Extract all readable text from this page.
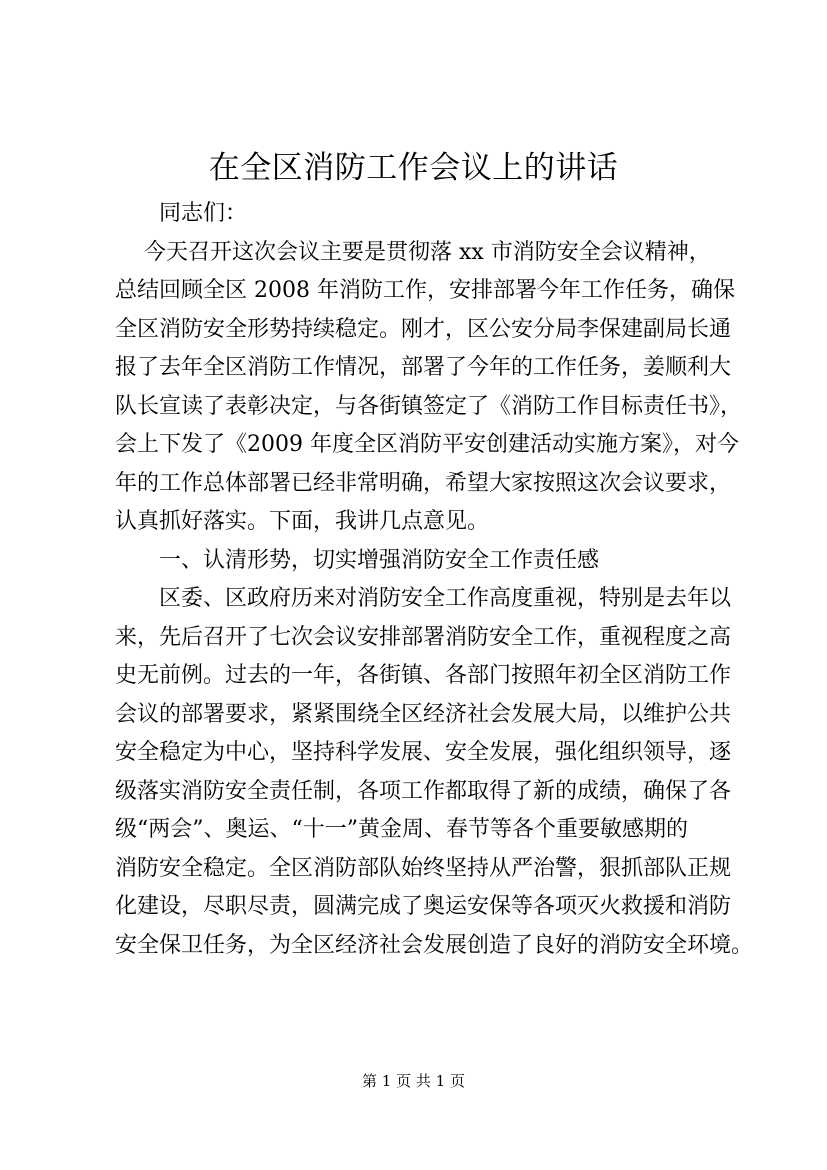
在全区消防工作会议上的讲话
同志们：
今天召开这次会议主要是贯彻落 xx 市消防安全会议精神，
总结回顾全区 2008 年消防工作，安排部署今年工作任务，确保
全区消防安全形势持续稳定。刚才，区公安分局李保建副局长通
报了去年全区消防工作情况，部署了今年的工作任务，姜顺利大
队长宣读了表彰决定，与各街镇签定了《消防工作目标责任书》，
会上下发了《2009 年度全区消防平安创建活动实施方案》，对今
年的工作总体部署已经非常明确，希望大家按照这次会议要求，
认真抓好落实。下面，我讲几点意见。
一、认清形势，切实增强消防安全工作责任感
区委、区政府历来对消防安全工作高度重视，特别是去年以
来，先后召开了七次会议安排部署消防安全工作，重视程度之高
史无前例。过去的一年，各街镇、各部门按照年初全区消防工作
会议的部署要求，紧紧围绕全区经济社会发展大局，以维护公共
安全稳定为中心，坚持科学发展、安全发展，强化组织领导，逐
级落实消防安全责任制，各项工作都取得了新的成绩，确保了各
级“两会”、奥运、“十一”黄金周、春节等各个重要敏感期的
消防安全稳定。全区消防部队始终坚持从严治警，狠抓部队正规
化建设，尽职尽责，圆满完成了奥运安保等各项灭火救援和消防
安全保卫任务，为全区经济社会发展创造了良好的消防安全环境。
第 1 页 共 1 页
